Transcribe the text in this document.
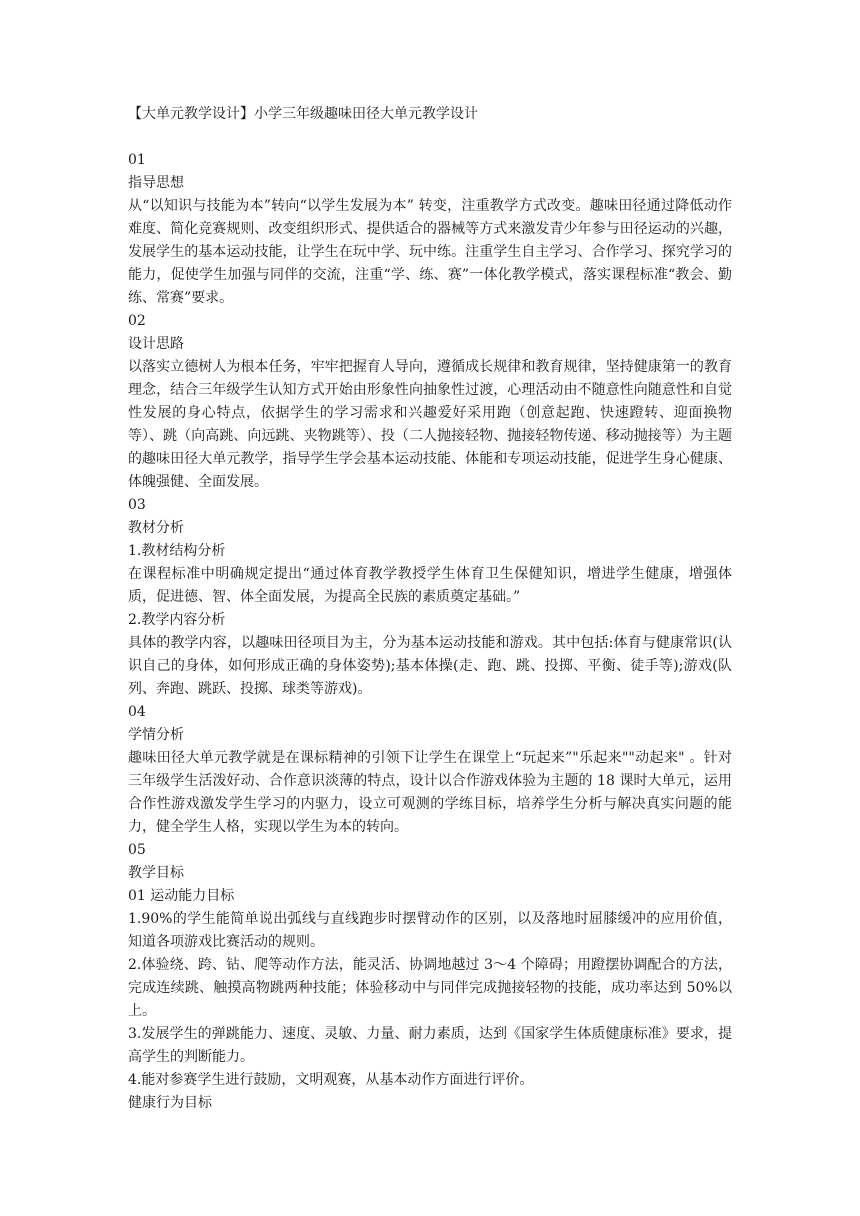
【大单元教学设计】小学三年级趣味田径大单元教学设计

01

指导思想

从“以知识与技能为本”转向“以学生发展为本” 转变，注重教学方式改变。趣味田径通过降低动作难度、简化竞赛规则、改变组织形式、提供适合的器械等方式来激发青少年参与田径运动的兴趣，发展学生的基本运动技能，让学生在玩中学、玩中练。注重学生自主学习、合作学习、探究学习的能力，促使学生加强与同伴的交流，注重“学、练、赛”一体化教学模式，落实课程标准“教会、勤练、常赛”要求。

02

设计思路

以落实立德树人为根本任务，牢牢把握育人导向，遵循成长规律和教育规律，坚持健康第一的教育理念，结合三年级学生认知方式开始由形象性向抽象性过渡，心理活动由不随意性向随意性和自觉性发展的身心特点，依据学生的学习需求和兴趣爱好采用跑（创意起跑、快速蹬转、迎面换物等）、跳（向高跳、向远跳、夹物跳等）、投（二人抛接轻物、抛接轻物传递、移动抛接等）为主题的趣味田径大单元教学，指导学生学会基本运动技能、体能和专项运动技能，促进学生身心健康、体魄强健、全面发展。

03

教材分析

1.教材结构分析

在课程标准中明确规定提出“通过体育教学教授学生体育卫生保健知识，增进学生健康，增强体质，促进德、智、体全面发展，为提高全民族的素质奠定基础。”

2.教学内容分析

具体的教学内容，以趣味田径项目为主，分为基本运动技能和游戏。其中包括:体育与健康常识(认识自己的身体，如何形成正确的身体姿势);基本体操(走、跑、跳、投掷、平衡、徒手等);游戏(队列、奔跑、跳跃、投掷、球类等游戏)。

04

学情分析

趣味田径大单元教学就是在课标精神的引领下让学生在课堂上“玩起来”"乐起来""动起来" 。针对三年级学生活泼好动、合作意识淡薄的特点，设计以合作游戏体验为主题的 18 课时大单元，运用合作性游戏激发学生学习的内驱力，设立可观测的学练目标，培养学生分析与解决真实问题的能力，健全学生人格，实现以学生为本的转向。

05

教学目标

01 运动能力目标

1.90%的学生能简单说出弧线与直线跑步时摆臂动作的区别，以及落地时屈膝缓冲的应用价值，知道各项游戏比赛活动的规则。

2.体验绕、跨、钻、爬等动作方法，能灵活、协调地越过 3～4 个障碍；用蹬摆协调配合的方法，完成连续跳、触摸高物跳两种技能；体验移动中与同伴完成抛接轻物的技能，成功率达到 50%以上。

3.发展学生的弹跳能力、速度、灵敏、力量、耐力素质，达到《国家学生体质健康标准》要求，提高学生的判断能力。

4.能对参赛学生进行鼓励，文明观赛，从基本动作方面进行评价。

健康行为目标
